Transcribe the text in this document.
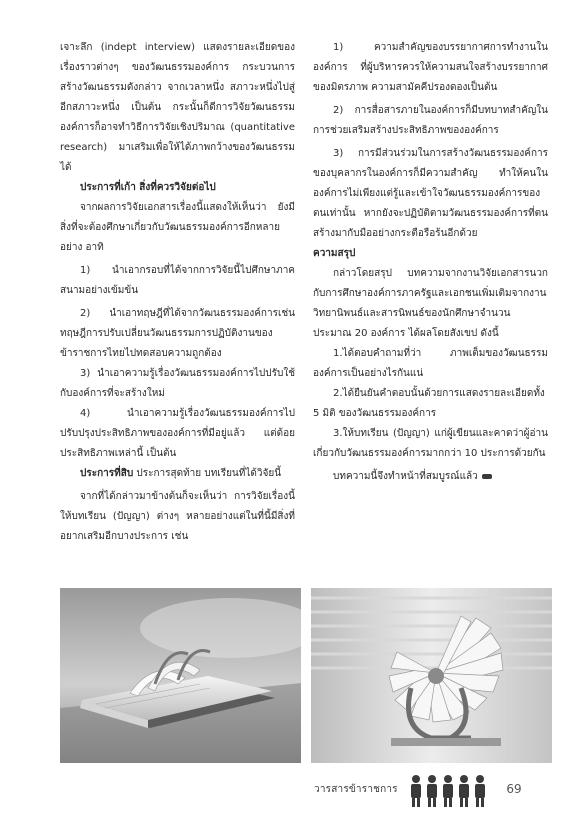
เจาะลึก (indept interview) แสดงรายละเอียดของเรื่องราวต่างๆ ของวัฒนธรรมองค์การ กระบวนการสร้างวัฒนธรรมดังกล่าว จากเวลาหนึ่ง สภาวะหนึ่งไปสู่อีกสภาวะหนึ่ง เป็นต้น กระนั้นก็ดีการวิจัยวัฒนธรรมองค์การก็อาจทำวิธีการวิจัยเชิงปริมาณ (quantitative research) มาเสริมเพื่อให้ได้ภาพกว้างของวัฒนธรรมได้

ประการที่เก้า สิ่งที่ควรวิจัยต่อไป

จากผลการวิจัยเอกสารเรื่องนี้แสดงให้เห็นว่า ยังมีสิ่งที่จะต้องศึกษาเกี่ยวกับวัฒนธรรมองค์การอีกหลายอย่าง อาทิ

1) นำเอากรอบที่ได้จากการวิจัยนี้ไปศึกษาภาคสนามอย่างเข้มข้น

2) นำเอาทฤษฎีที่ได้จากวัฒนธรรมองค์การเช่น ทฤษฎีการปรับเปลี่ยนวัฒนธรรมการปฏิบัติงานของข้าราชการไทยไปทดสอบความถูกต้อง

3) นำเอาความรู้เรื่องวัฒนธรรมองค์การไปปรับใช้กับองค์การที่จะสร้างใหม่

4) นำเอาความรู้เรื่องวัฒนธรรมองค์การไปปรับปรุงประสิทธิภาพขององค์การที่มีอยู่แล้ว แต่ด้อยประสิทธิภาพเหล่านี้ เป็นต้น

ประการที่สิบ ประการสุดท้าย บทเรียนที่ได้วิจัยนี้

จากที่ได้กล่าวมาข้างต้นก็จะเห็นว่า การวิจัยเรื่องนี้ให้บทเรียน (ปัญญา) ต่างๆ หลายอย่างแต่ในที่นี้มีสิ่งที่อยากเสริมอีกบางประการ เช่น

1) ความสำคัญของบรรยากาศการทำงานในองค์การ ที่ผู้บริหารควรให้ความสนใจสร้างบรรยากาศของมิตรภาพ ความสามัคคีปรองดองเป็นต้น

2) การสื่อสารภายในองค์การก็มีบทบาทสำคัญในการช่วยเสริมสร้างประสิทธิภาพขององค์การ

3) การมีส่วนร่วมในการสร้างวัฒนธรรมองค์การของบุคลากรในองค์การก็มีความสำคัญ ทำให้คนในองค์การไม่เพียงแต่รู้และเข้าใจวัฒนธรรมองค์การของตนเท่านั้น หากยังจะปฏิบัติตามวัฒนธรรมองค์การที่ตนสร้างมากับมืออย่างกระตือรือร้นอีกด้วย

ความสรุป

กล่าวโดยสรุป บทความจากงานวิจัยเอกสารนวกกับการศึกษาองค์การภาครัฐและเอกชนเพิ่มเติมจากงานวิทยานิพนธ์และสารนิพนธ์ของนักศึกษาจำนวนประมาณ 20 องค์การ ได้ผลโดยสังเขป ดังนี้

1.ได้ตอบคำถามที่ว่า ภาพเต็มของวัฒนธรรมองค์การเป็นอย่างไรกันแน่

2.ได้ยืนยันคำตอบนั้นด้วยการแสดงรายละเอียดทั้ง 5 มิติ ของวัฒนธรรมองค์การ

3.ให้บทเรียน (ปัญญา) แก่ผู้เขียนและคาดว่าผู้อ่านเกี่ยวกับวัฒนธรรมองค์การมากกว่า 10 ประการด้วยกัน

บทความนี้จึงทำหน้าที่สมบูรณ์แล้ว

วารสารข้าราชการ	69
